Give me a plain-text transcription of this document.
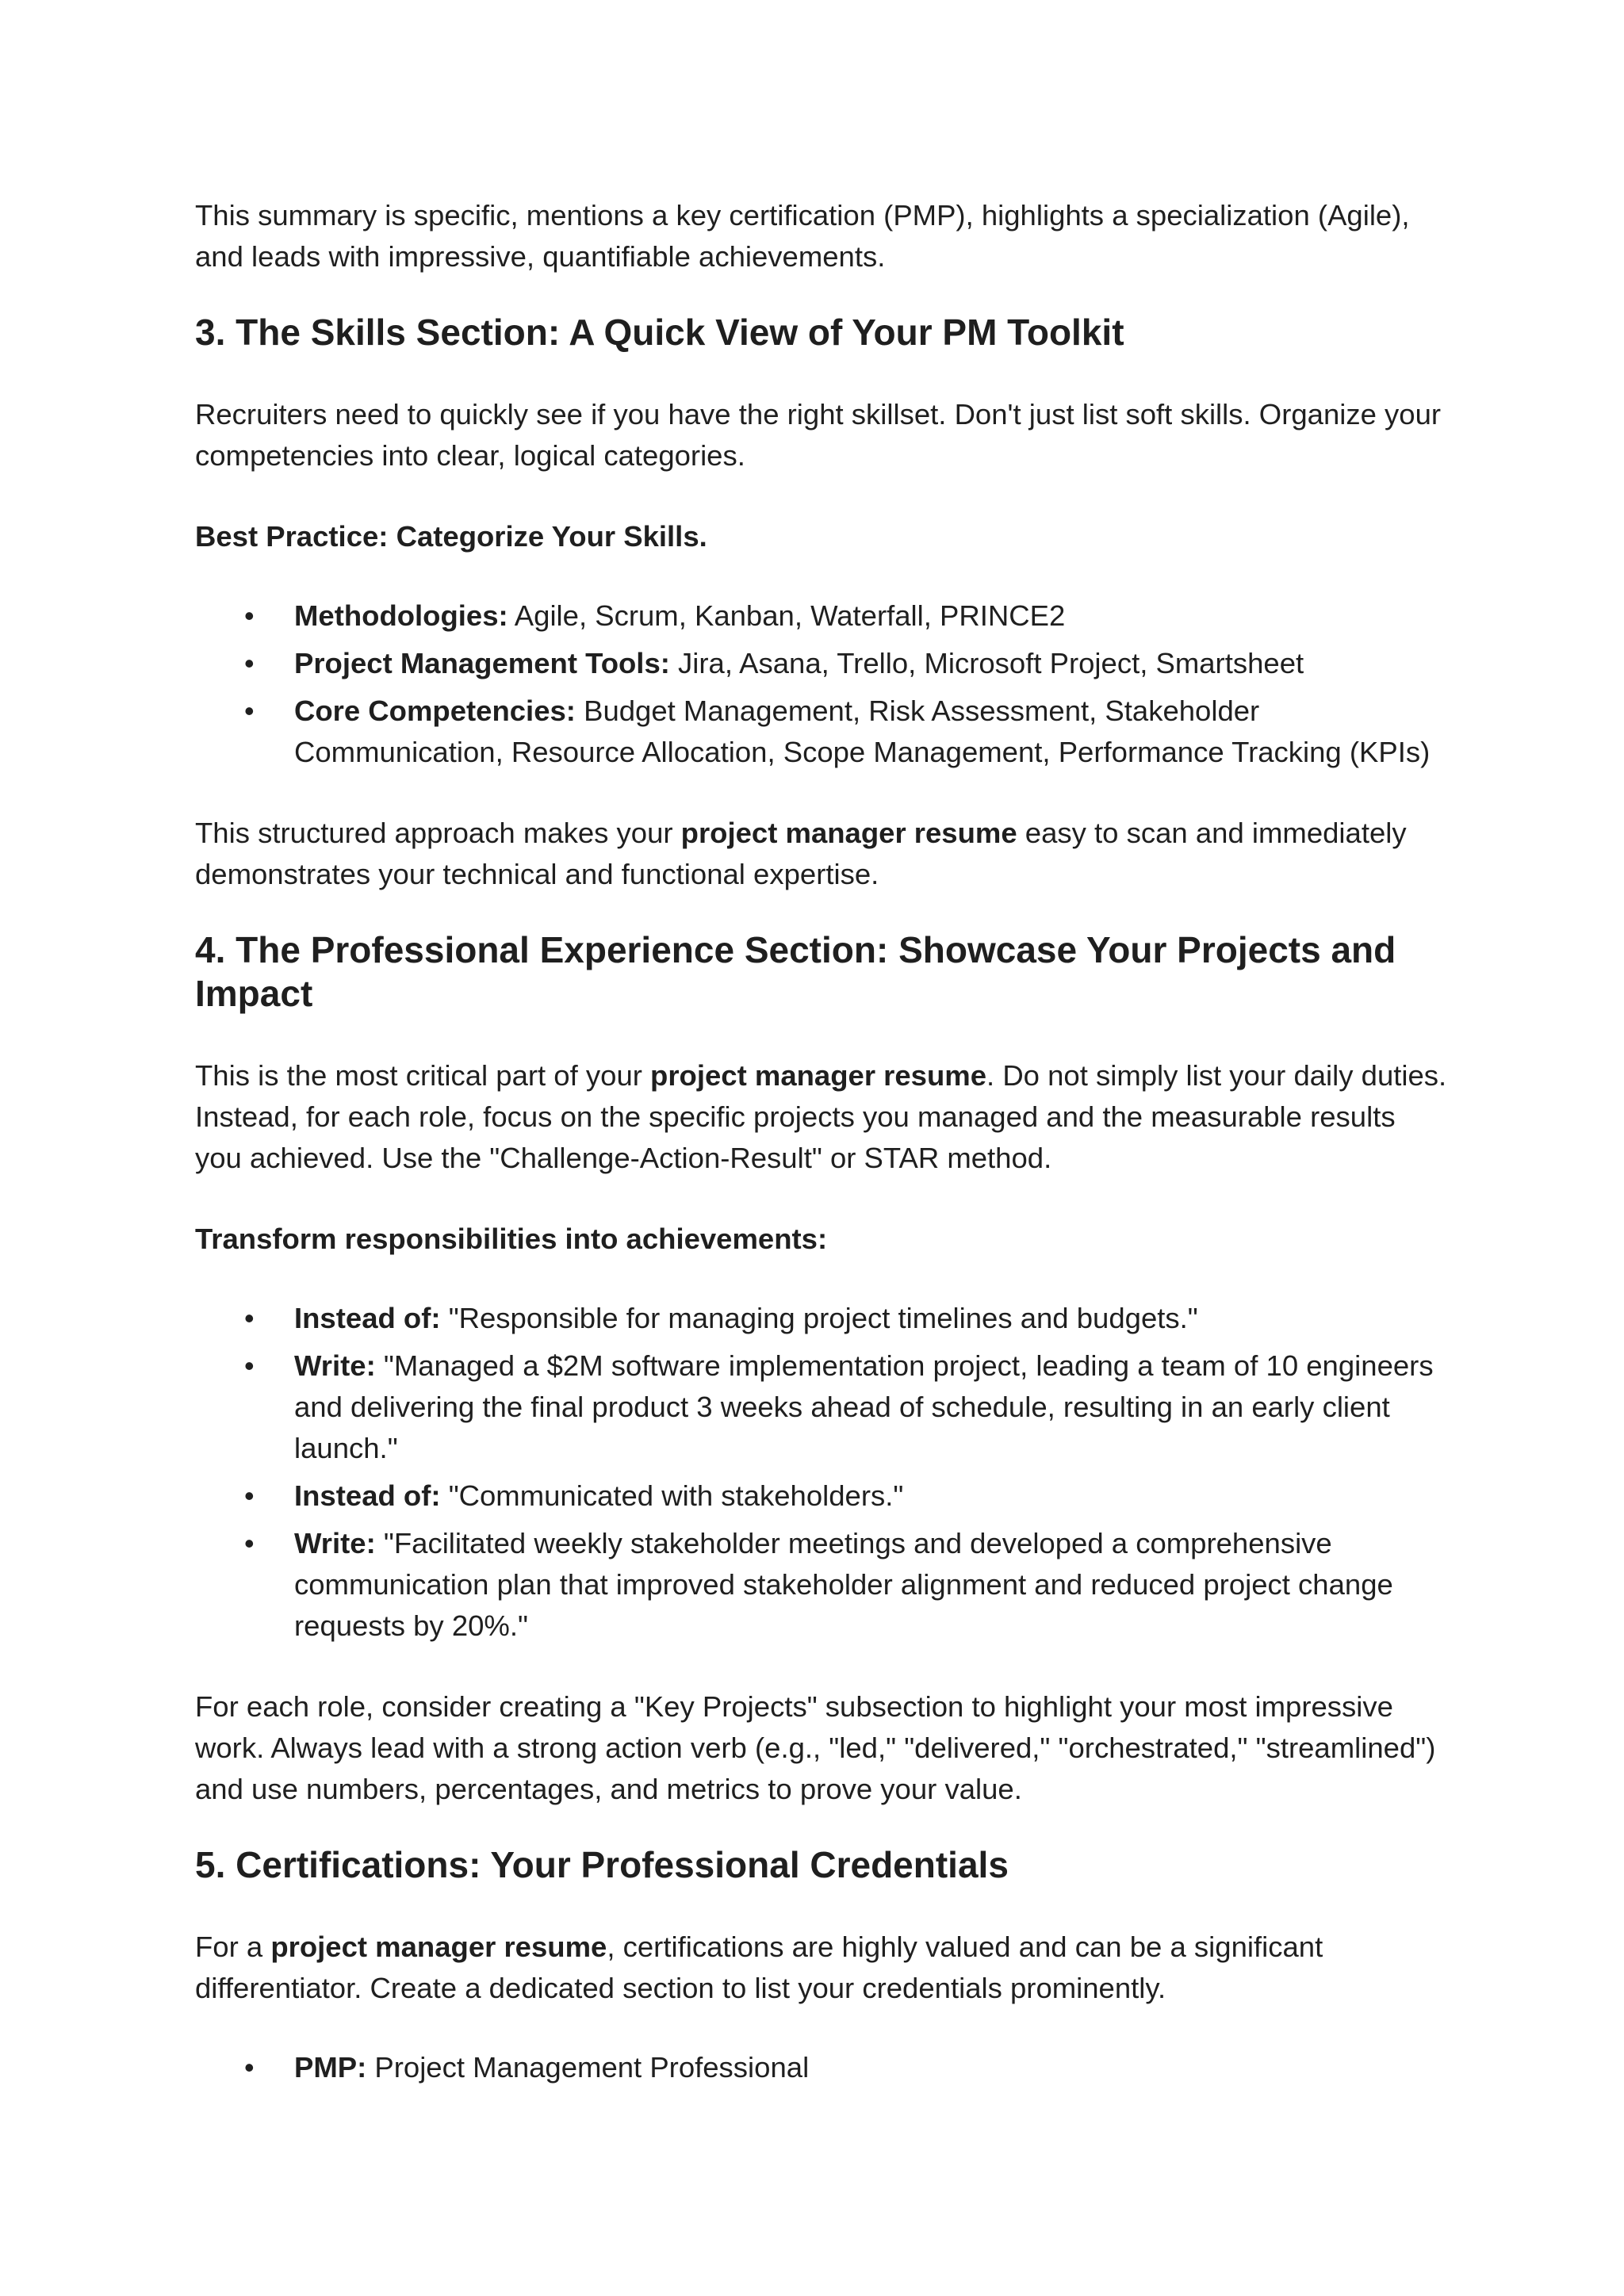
This summary is specific, mentions a key certification (PMP), highlights a specialization (Agile), and leads with impressive, quantifiable achievements.

3. The Skills Section: A Quick View of Your PM Toolkit

Recruiters need to quickly see if you have the right skillset. Don't just list soft skills. Organize your competencies into clear, logical categories.

Best Practice: Categorize Your Skills.

• Methodologies: Agile, Scrum, Kanban, Waterfall, PRINCE2
• Project Management Tools: Jira, Asana, Trello, Microsoft Project, Smartsheet
• Core Competencies: Budget Management, Risk Assessment, Stakeholder Communication, Resource Allocation, Scope Management, Performance Tracking (KPIs)

This structured approach makes your project manager resume easy to scan and immediately demonstrates your technical and functional expertise.

4. The Professional Experience Section: Showcase Your Projects and Impact

This is the most critical part of your project manager resume. Do not simply list your daily duties. Instead, for each role, focus on the specific projects you managed and the measurable results you achieved. Use the "Challenge-Action-Result" or STAR method.

Transform responsibilities into achievements:

• Instead of: "Responsible for managing project timelines and budgets."
• Write: "Managed a $2M software implementation project, leading a team of 10 engineers and delivering the final product 3 weeks ahead of schedule, resulting in an early client launch."
• Instead of: "Communicated with stakeholders."
• Write: "Facilitated weekly stakeholder meetings and developed a comprehensive communication plan that improved stakeholder alignment and reduced project change requests by 20%."

For each role, consider creating a "Key Projects" subsection to highlight your most impressive work. Always lead with a strong action verb (e.g., "led," "delivered," "orchestrated," "streamlined") and use numbers, percentages, and metrics to prove your value.

5. Certifications: Your Professional Credentials

For a project manager resume, certifications are highly valued and can be a significant differentiator. Create a dedicated section to list your credentials prominently.

• PMP: Project Management Professional
